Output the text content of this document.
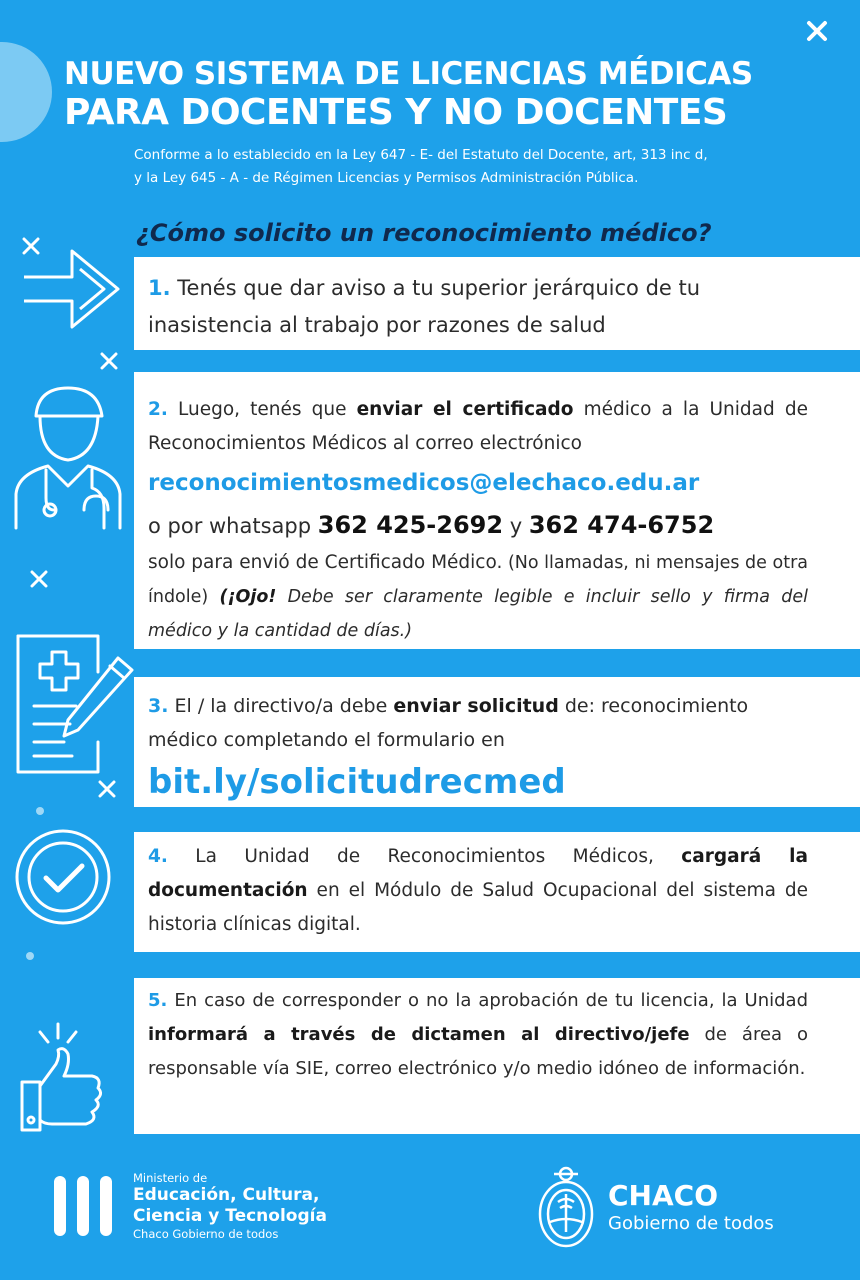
NUEVO SISTEMA DE LICENCIAS MÉDICAS
PARA DOCENTES Y NO DOCENTES
Conforme a lo establecido en la Ley 647 - E- del Estatuto del Docente, art, 313 inc d,
y la Ley 645 - A - de Régimen Licencias y Permisos Administración Pública.
¿Cómo solicito un reconocimiento médico?
1. Tenés que dar aviso a tu superior jerárquico de tu inasistencia al trabajo por razones de salud
2. Luego, tenés que enviar el certificado médico a la Unidad de Reconocimientos Médicos al correo electrónico
reconocimientosmedicos@elechaco.edu.ar
o por whatsapp 362 425-2692 y 362 474-6752
solo para envió de Certificado Médico. (No llamadas, ni mensajes de otra índole) (¡Ojo! Debe ser claramente legible e incluir sello y firma del médico y la cantidad de días.)
3. El / la directivo/a debe enviar solicitud de: reconocimiento médico completando el formulario en
bit.ly/solicitudrecmed
4. La Unidad de Reconocimientos Médicos, cargará la documentación en el Módulo de Salud Ocupacional del sistema de historia clínicas digital.
5. En caso de corresponder o no la aprobación de tu licencia, la Unidad informará a través de dictamen al directivo/jefe de área o responsable vía SIE, correo electrónico y/o medio idóneo de información.
Ministerio de
Educación, Cultura,
Ciencia y Tecnología
Chaco Gobierno de todos
CHACO
Gobierno de todos
